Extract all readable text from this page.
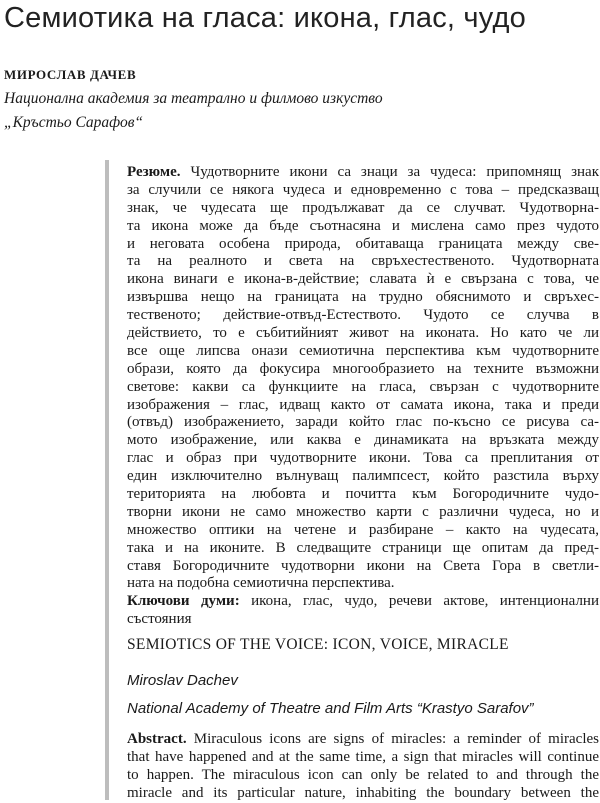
Семиотика на гласа: икона, глас, чудо
МИРОСЛАВ ДАЧЕВ
Национална академия за театрално и филмово изкуство
„Кръстьо Сарафов“
Резюме. Чудотворните икони са знаци за чудеса: припомнящ знак
за случили се някога чудеса и едновременно с това – предсказващ
знак, че чудесата ще продължават да се случват. Чудотворна-
та икона може да бъде съотнасяна и мислена само през чудото
и неговата особена природа, обитаваща границата между све-
та на реалното и света на свръхестественото. Чудотворната
икона винаги е икона-в-действие; славата ѝ е свързана с това, че
извършва нещо на границата на трудно обяснимото и свръхес-
тественото; действие-отвъд-Естеството. Чудото се случва в
действието, то е събитийният живот на иконата. Но като че ли
все още липсва онази семиотична перспектива към чудотворните
образи, която да фокусира многообразието на техните възможни
светове: какви са функциите на гласа, свързан с чудотворните
изображения – глас, идващ както от самата икона, така и преди
(отвъд) изображението, заради който глас по-късно се рисува са-
мото изображение, или каква е динамиката на връзката между
глас и образ при чудотворните икони. Това са преплитания от
един изключително вълнуващ палимпсест, който разстила върху
територията на любовта и почитта към Богородичните чудо-
творни икони не само множество карти с различни чудеса, но и
множество оптики на четене и разбиране – както на чудесата,
така и на иконите. В следващите страници ще опитам да пред-
ставя Богородичните чудотворни икони на Света Гора в светли-
ната на подобна семиотична перспектива.
Ключови думи: икона, глас, чудо, речеви актове, интенционални
състояния
SEMIOTICS OF THE VOICE: ICON, VOICE, MIRACLE
Miroslav Dachev
National Academy of Theatre and Film Arts “Krastyo Sarafov”
Abstract. Miraculous icons are signs of miracles: a reminder of miracles
that have happened and at the same time, a sign that miracles will continue
to happen. The miraculous icon can only be related to and through the
miracle and its particular nature, inhabiting the boundary between the
